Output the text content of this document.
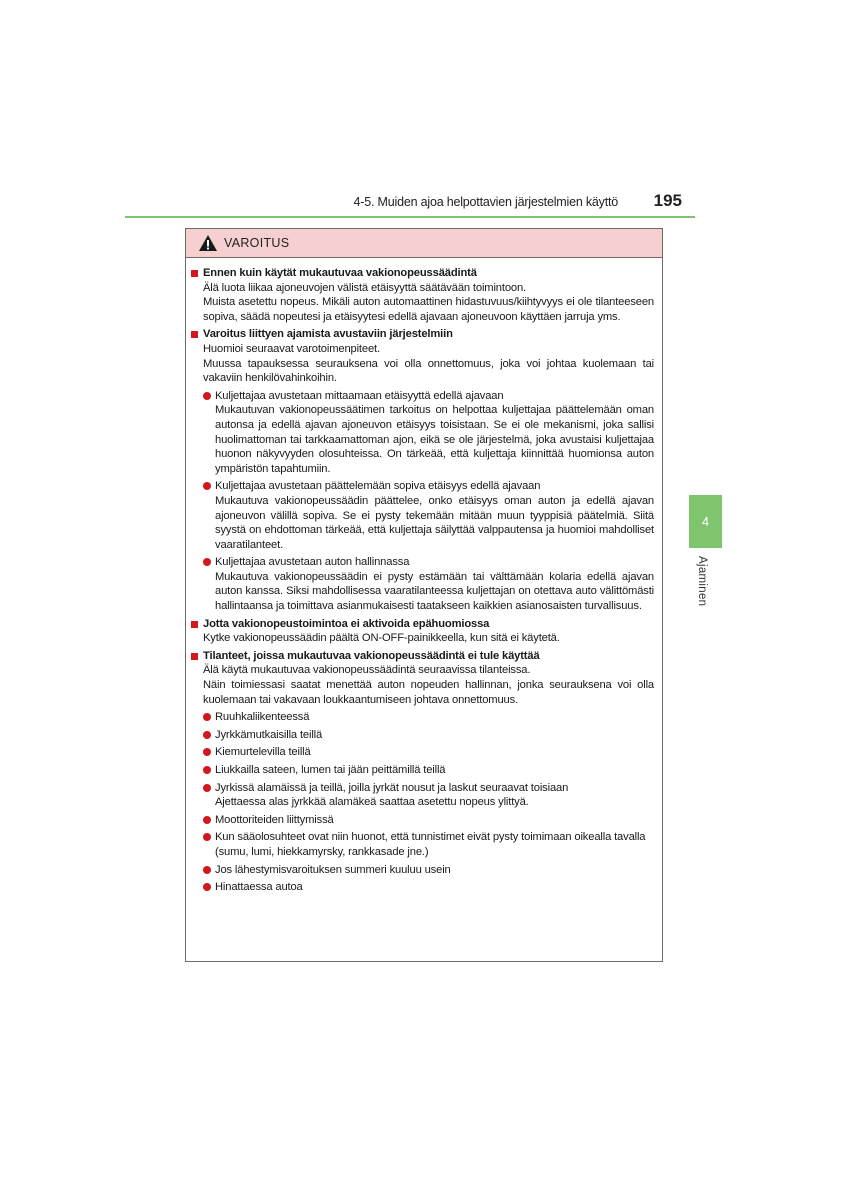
4-5. Muiden ajoa helpottavien järjestelmien käyttö	195
4
Ajaminen
VAROITUS
Ennen kuin käytät mukautuvaa vakionopeussäädintä
Älä luota liikaa ajoneuvojen välistä etäisyyttä säätävään toimintoon.
Muista asetettu nopeus. Mikäli auton automaattinen hidastuvuus/kiihtyvyys ei ole tilanteeseen sopiva, säädä nopeutesi ja etäisyytesi edellä ajavaan ajoneuvoon käyttäen jarruja yms.
Varoitus liittyen ajamista avustaviin järjestelmiin
Huomioi seuraavat varotoimenpiteet.
Muussa tapauksessa seurauksena voi olla onnettomuus, joka voi johtaa kuolemaan tai vakaviin henkilövahinkoihin.
Kuljettajaa avustetaan mittaamaan etäisyyttä edellä ajavaan
Mukautuvan vakionopeussäätimen tarkoitus on helpottaa kuljettajaa päättelemään oman autonsa ja edellä ajavan ajoneuvon etäisyys toisistaan. Se ei ole mekanismi, joka sallisi huolimattoman tai tarkkaamattoman ajon, eikä se ole järjestelmä, joka avustaisi kuljettajaa huonon näkyvyyden olosuhteissa. On tärkeää, että kuljettaja kiinnittää huomionsa auton ympäristön tapahtumiin.
Kuljettajaa avustetaan päättelemään sopiva etäisyys edellä ajavaan
Mukautuva vakionopeussäädin päättelee, onko etäisyys oman auton ja edellä ajavan ajoneuvon välillä sopiva. Se ei pysty tekemään mitään muun tyyppisiä päätelmiä. Siitä syystä on ehdottoman tärkeää, että kuljettaja säilyttää valppautensa ja huomioi mahdolliset vaaratilanteet.
Kuljettajaa avustetaan auton hallinnassa
Mukautuva vakionopeussäädin ei pysty estämään tai välttämään kolaria edellä ajavan auton kanssa. Siksi mahdollisessa vaaratilanteessa kuljettajan on otettava auto välittömästi hallintaansa ja toimittava asianmukaisesti taatakseen kaikkien asianosaisten turvallisuus.
Jotta vakionopeustoimintoa ei aktivoida epähuomiossa
Kytke vakionopeussäädin päältä ON-OFF-painikkeella, kun sitä ei käytetä.
Tilanteet, joissa mukautuvaa vakionopeussäädintä ei tule käyttää
Älä käytä mukautuvaa vakionopeussäädintä seuraavissa tilanteissa.
Näin toimiessasi saatat menettää auton nopeuden hallinnan, jonka seurauksena voi olla kuolemaan tai vakavaan loukkaantumiseen johtava onnettomuus.
Ruuhkaliikenteessä
Jyrkkämutkaisilla teillä
Kiemurtelevilla teillä
Liukkailla sateen, lumen tai jään peittämillä teillä
Jyrkissä alamäissä ja teillä, joilla jyrkät nousut ja laskut seuraavat toisiaan
Ajettaessa alas jyrkkää alamäkeä saattaa asetettu nopeus ylittyä.
Moottoriteiden liittymissä
Kun sääolosuhteet ovat niin huonot, että tunnistimet eivät pysty toimimaan oikealla tavalla (sumu, lumi, hiekkamyrsky, rankkasade jne.)
Jos lähestymisvaroituksen summeri kuuluu usein
Hinattaessa autoa
